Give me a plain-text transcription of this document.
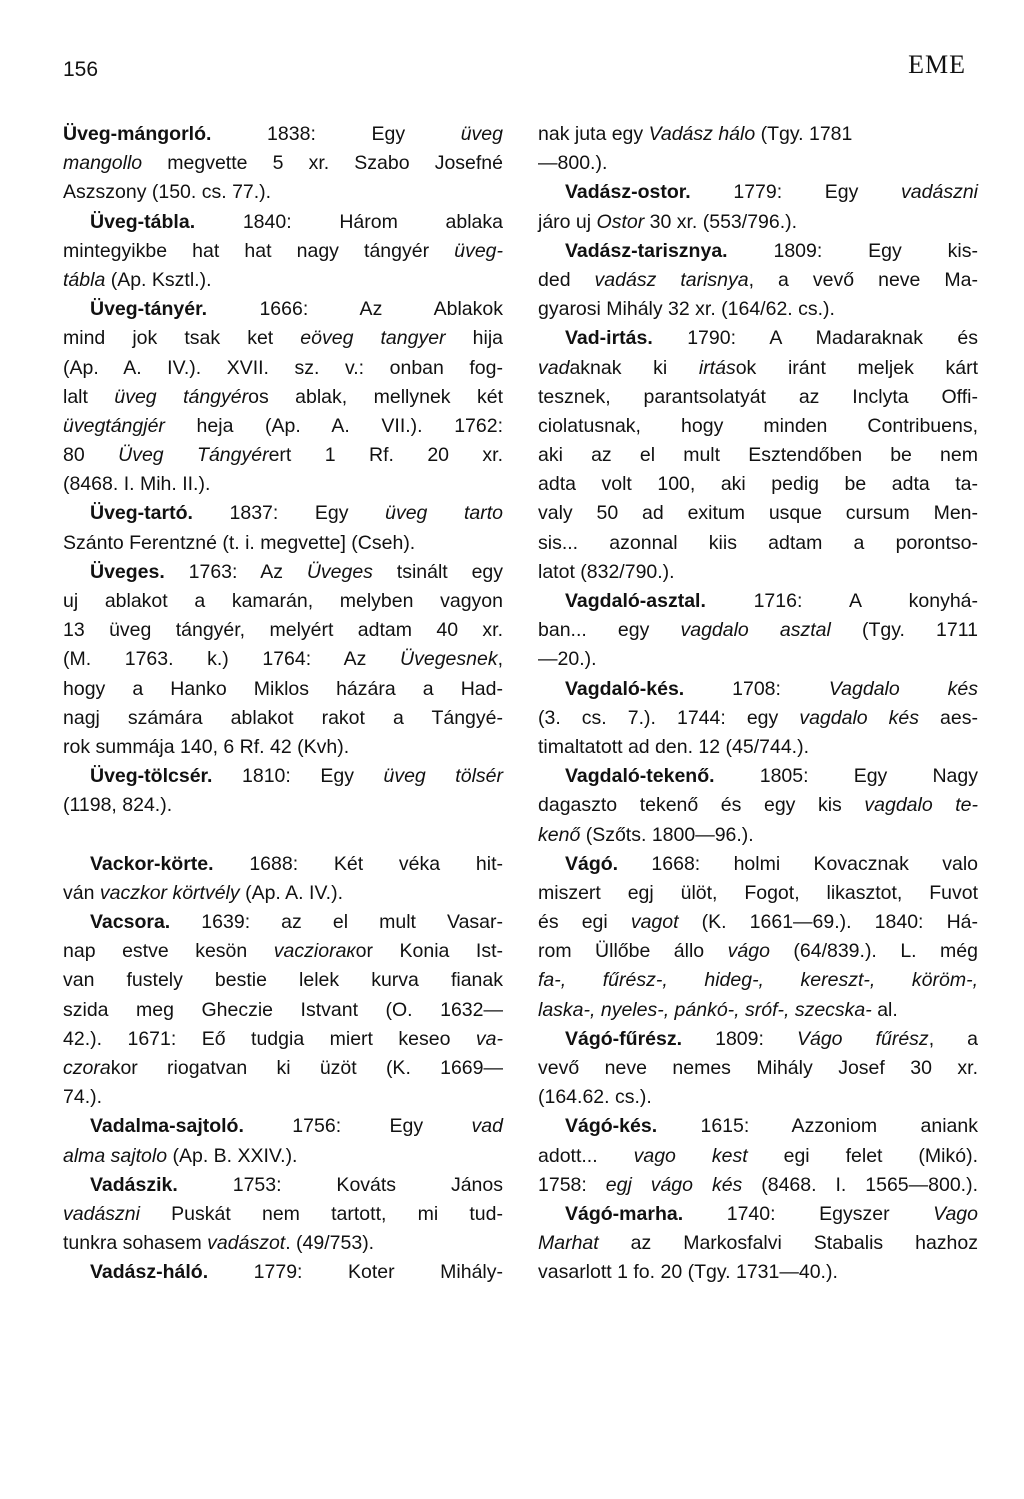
156	EME
Üveg-mángorló. 1838: Egy üveg
mangollo megvette 5 xr. Szabo Josefné
Aszszony (150. cs. 77.).
Üveg-tábla. 1840: Három ablaka
mintegyikbe hat hat nagy tángyér üveg-
tábla (Ap. Ksztl.).
Üveg-tányér. 1666: Az Ablakok
mind jok tsak ket eöveg tangyer hija
(Ap. A. IV.). XVII. sz. v.: onban fog-
lalt üveg tángyéros ablak, mellynek két
üvegtángjér heja (Ap. A. VII.). 1762:
80 Üveg Tángyérert 1 Rf. 20 xr.
(8468. I. Mih. II.).
Üveg-tartó. 1837: Egy üveg tarto
Szánto Ferentzné (t. i. megvette] (Cseh).
Üveges. 1763: Az Üveges tsinált egy
uj ablakot a kamarán, melyben vagyon
13 üveg tángyér, melyért adtam 40 xr.
(M. 1763. k.) 1764: Az Üvegesnek,
hogy a Hanko Miklos házára a Had-
nagj számára ablakot rakot a Tángyé-
rok summája 140, 6 Rf. 42 (Kvh).
Üveg-tölcsér. 1810: Egy üveg tölsér
(1198, 824.).
Vackor-körte. 1688: Két véka hit-
ván vaczkor körtvély (Ap. A. IV.).
Vacsora. 1639: az el mult Vasar-
nap estve kesön vaczioraкor Konia Ist-
van fustely bestie lelek kurva fianak
szida meg Gheczie Istvant (O. 1632—
42.). 1671: Eő tudgia miert keseo va-
czorakor riogatvan ki üzöt (K. 1669—
74.).
Vadalma-sajtoló. 1756: Egy vad
alma sajtolo (Ap. B. XXIV.).
Vadászik. 1753: Kováts János
vadászni Puskát nem tartott, mi tud-
tunkra sohasem vadászot. (49/753).
Vadász-háló. 1779: Koter Mihály-
nak juta egy Vadász hálo (Tgy. 1781
—800.).
Vadász-ostor. 1779: Egy vadászni
járo uj Ostor 30 xr. (553/796.).
Vadász-tarisznya. 1809: Egy kis-
ded vadász tarisnya, a vevő neve Ma-
gyarosi Mihály 32 xr. (164/62. cs.).
Vad-irtás. 1790: A Madaraknak és
vadaknak ki irtások iránt meljek kárt
tesznek, parantsolatyát az Inclyta Offi-
ciolatusnak, hogy minden Contribuens,
aki az el mult Esztendőben be nem
adta volt 100, aki pedig be adta ta-
valy 50 ad exitum usque cursum Men-
sis... azonnal kiis adtam a porontso-
latot (832/790.).
Vagdaló-asztal. 1716: A konyhá-
ban... egy vagdalo asztal (Tgy. 1711
—20.).
Vagdaló-kés. 1708: Vagdalo kés
(3. cs. 7.). 1744: egy vagdalo kés aes-
timaltatott ad den. 12 (45/744.).
Vagdaló-tekenő. 1805: Egy Nagy
dagaszto tekenő és egy kis vagdalo te-
kenő (Szőts. 1800—96.).
Vágó. 1668: holmi Kovacznak valo
miszert egj ülöt, Fogot, likasztot, Fuvot
és egi vagot (K. 1661—69.). 1840: Há-
rom Üllőbe állo vágo (64/839.). L. még
fa-, fűrész-, hideg-, kereszt-, köröm-,
laska-, nyeles-, pánkó-, sróf-, szecska- al.
Vágó-fűrész. 1809: Vágo fűrész, a
vevő neve nemes Mihály Josef 30 xr.
(164.62. cs.).
Vágó-kés. 1615: Azzoniom aniank
adott... vago kest egi felet (Mikó).
1758: egj vágo kés (8468. I. 1565—800.).
Vágó-marha. 1740: Egyszer Vago
Marhat az Markosfalvi Stabalis hazhoz
vasarlott 1 fo. 20 (Tgy. 1731—40.).
